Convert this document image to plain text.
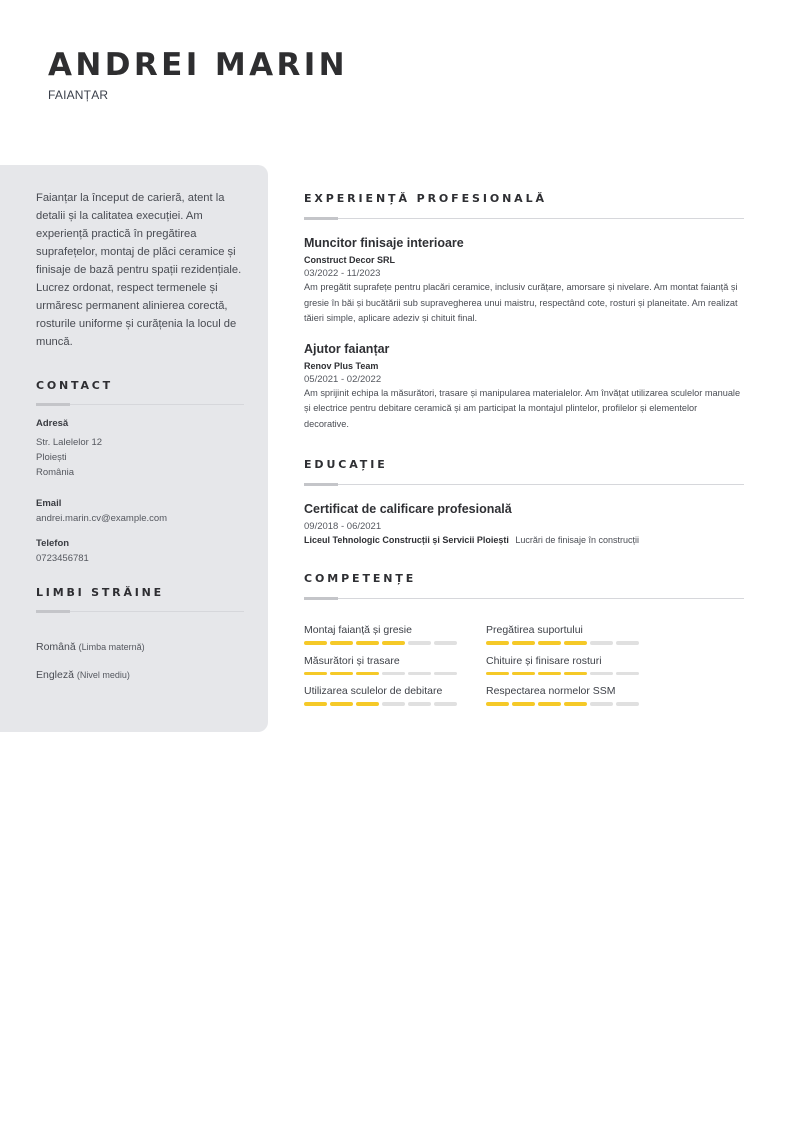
ANDREI MARIN
FAIANȚAR

Faianțar la început de carieră, atent la detalii și la calitatea execuției. Am experiență practică în pregătirea suprafețelor, montaj de plăci ceramice și finisaje de bază pentru spații rezidențiale. Lucrez ordonat, respect termenele și urmăresc permanent alinierea corectă, rosturile uniforme și curățenia la locul de muncă.

CONTACT
Adresă
Str. Lalelelor 12
Ploiești
România
Email
andrei.marin.cv@example.com
Telefon
0723456781
LIMBI STRĂINE
Română (Limba maternă)
Engleză (Nivel mediu)
EXPERIENȚĂ PROFESIONALĂ
Muncitor finisaje interioare
Construct Decor SRL
03/2022 - 11/2023
Am pregătit suprafețe pentru placări ceramice, inclusiv curățare, amorsare și nivelare. Am montat faianță și gresie în băi și bucătării sub supravegherea unui maistru, respectând cote, rosturi și planeitate. Am realizat tăieri simple, aplicare adeziv și chituit final.
Ajutor faianțar
Renov Plus Team
05/2021 - 02/2022
Am sprijinit echipa la măsurători, trasare și manipularea materialelor. Am învățat utilizarea sculelor manuale și electrice pentru debitare ceramică și am participat la montajul plintelor, profilelor și elementelor decorative.
EDUCAȚIE
Certificat de calificare profesională
09/2018 - 06/2021
Liceul Tehnologic Construcții și Servicii Ploiești Lucrări de finisaje în construcții
COMPETENȚE
Montaj faianță și gresie	Pregătirea suportului
Măsurători și trasare	Chituire și finisare rosturi
Utilizarea sculelor de debitare	Respectarea normelor SSM
